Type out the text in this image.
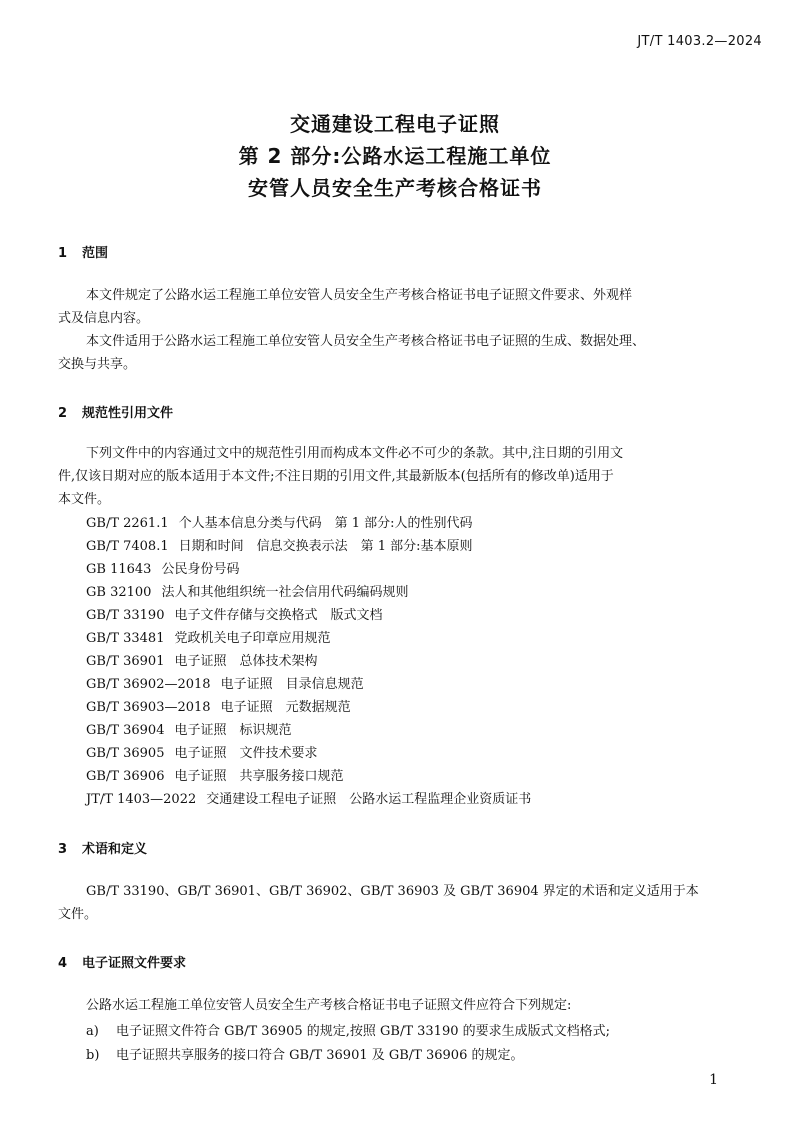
JT/T 1403.2—2024
交通建设工程电子证照
第 2 部分:公路水运工程施工单位
安管人员安全生产考核合格证书
1 范围
本文件规定了公路水运工程施工单位安管人员安全生产考核合格证书电子证照文件要求、外观样
式及信息内容。
本文件适用于公路水运工程施工单位安管人员安全生产考核合格证书电子证照的生成、数据处理、
交换与共享。
2 规范性引用文件
下列文件中的内容通过文中的规范性引用而构成本文件必不可少的条款。其中,注日期的引用文
件,仅该日期对应的版本适用于本文件;不注日期的引用文件,其最新版本(包括所有的修改单)适用于
本文件。
GB/T 2261.1 个人基本信息分类与代码　第 1 部分:人的性别代码
GB/T 7408.1 日期和时间　信息交换表示法　第 1 部分:基本原则
GB 11643 公民身份号码
GB 32100 法人和其他组织统一社会信用代码编码规则
GB/T 33190 电子文件存储与交换格式　版式文档
GB/T 33481 党政机关电子印章应用规范
GB/T 36901 电子证照　总体技术架构
GB/T 36902—2018 电子证照　目录信息规范
GB/T 36903—2018 电子证照　元数据规范
GB/T 36904 电子证照　标识规范
GB/T 36905 电子证照　文件技术要求
GB/T 36906 电子证照　共享服务接口规范
JT/T 1403—2022 交通建设工程电子证照　公路水运工程监理企业资质证书
3 术语和定义
GB/T 33190、GB/T 36901、GB/T 36902、GB/T 36903 及 GB/T 36904 界定的术语和定义适用于本
文件。
4 电子证照文件要求
公路水运工程施工单位安管人员安全生产考核合格证书电子证照文件应符合下列规定:
a) 电子证照文件符合 GB/T 36905 的规定,按照 GB/T 33190 的要求生成版式文档格式;
b) 电子证照共享服务的接口符合 GB/T 36901 及 GB/T 36906 的规定。
1
